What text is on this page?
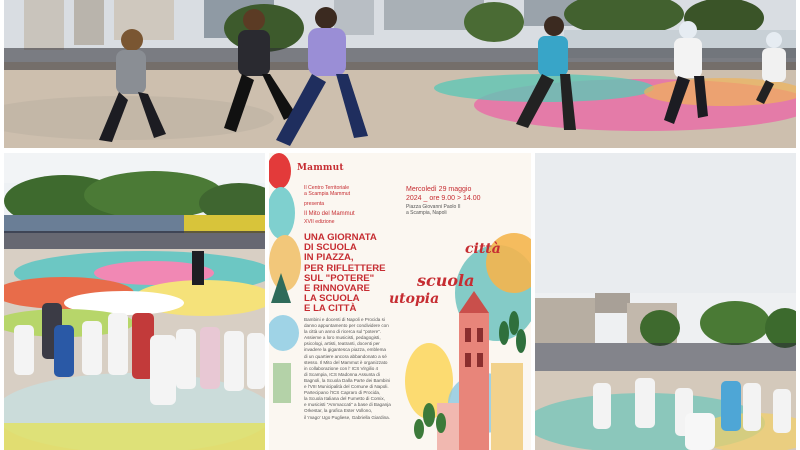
Mammut
Il Centro Territoriale
a Scampia Mammut
presenta
Il Mito del Mammut
XVII edizione
UNA GIORNATA
DI SCUOLA
IN PIAZZA,
PER RIFLETTERE
SUL "POTERE"
E RINNOVARE
LA SCUOLA
E LA CITTÀ
Mercoledì 29 maggio
2024 _ ore 9.00 > 14.00
Piazza Giovanni Paolo II
a Scampia, Napoli
città
scuola
utopia
Bambini e docenti di Napoli e Procida si
danno appuntamento per condividere con
la città un anno di ricerca sul "potere".
Assieme a loro musicisti, pedagogisti,
psicologi, artisti, teatranti, docenti per
invadere la gigantesca piazza, emblema
di un quartiere ancora abbandonato a sé
stesso. Il Mito del Mammut è organizzato
in collaborazione con l' ICS Virgilio 4
di Scampia, ICS Madonna Assunta di
Bagnoli, la Scuola Dalla Parte dei Bambini
e l'VIII Municipalità del Comune di Napoli.
Partecipano l'ICS Capraro di Procida,
la Scuola Italiana del Fumetto di Comix,
e musicisti "Ammaccati" a base di Baganja
Orkestar, la grafica Ester Vollono,
il 'mago' Ugo Pugliese, Gabriella Giardina.
